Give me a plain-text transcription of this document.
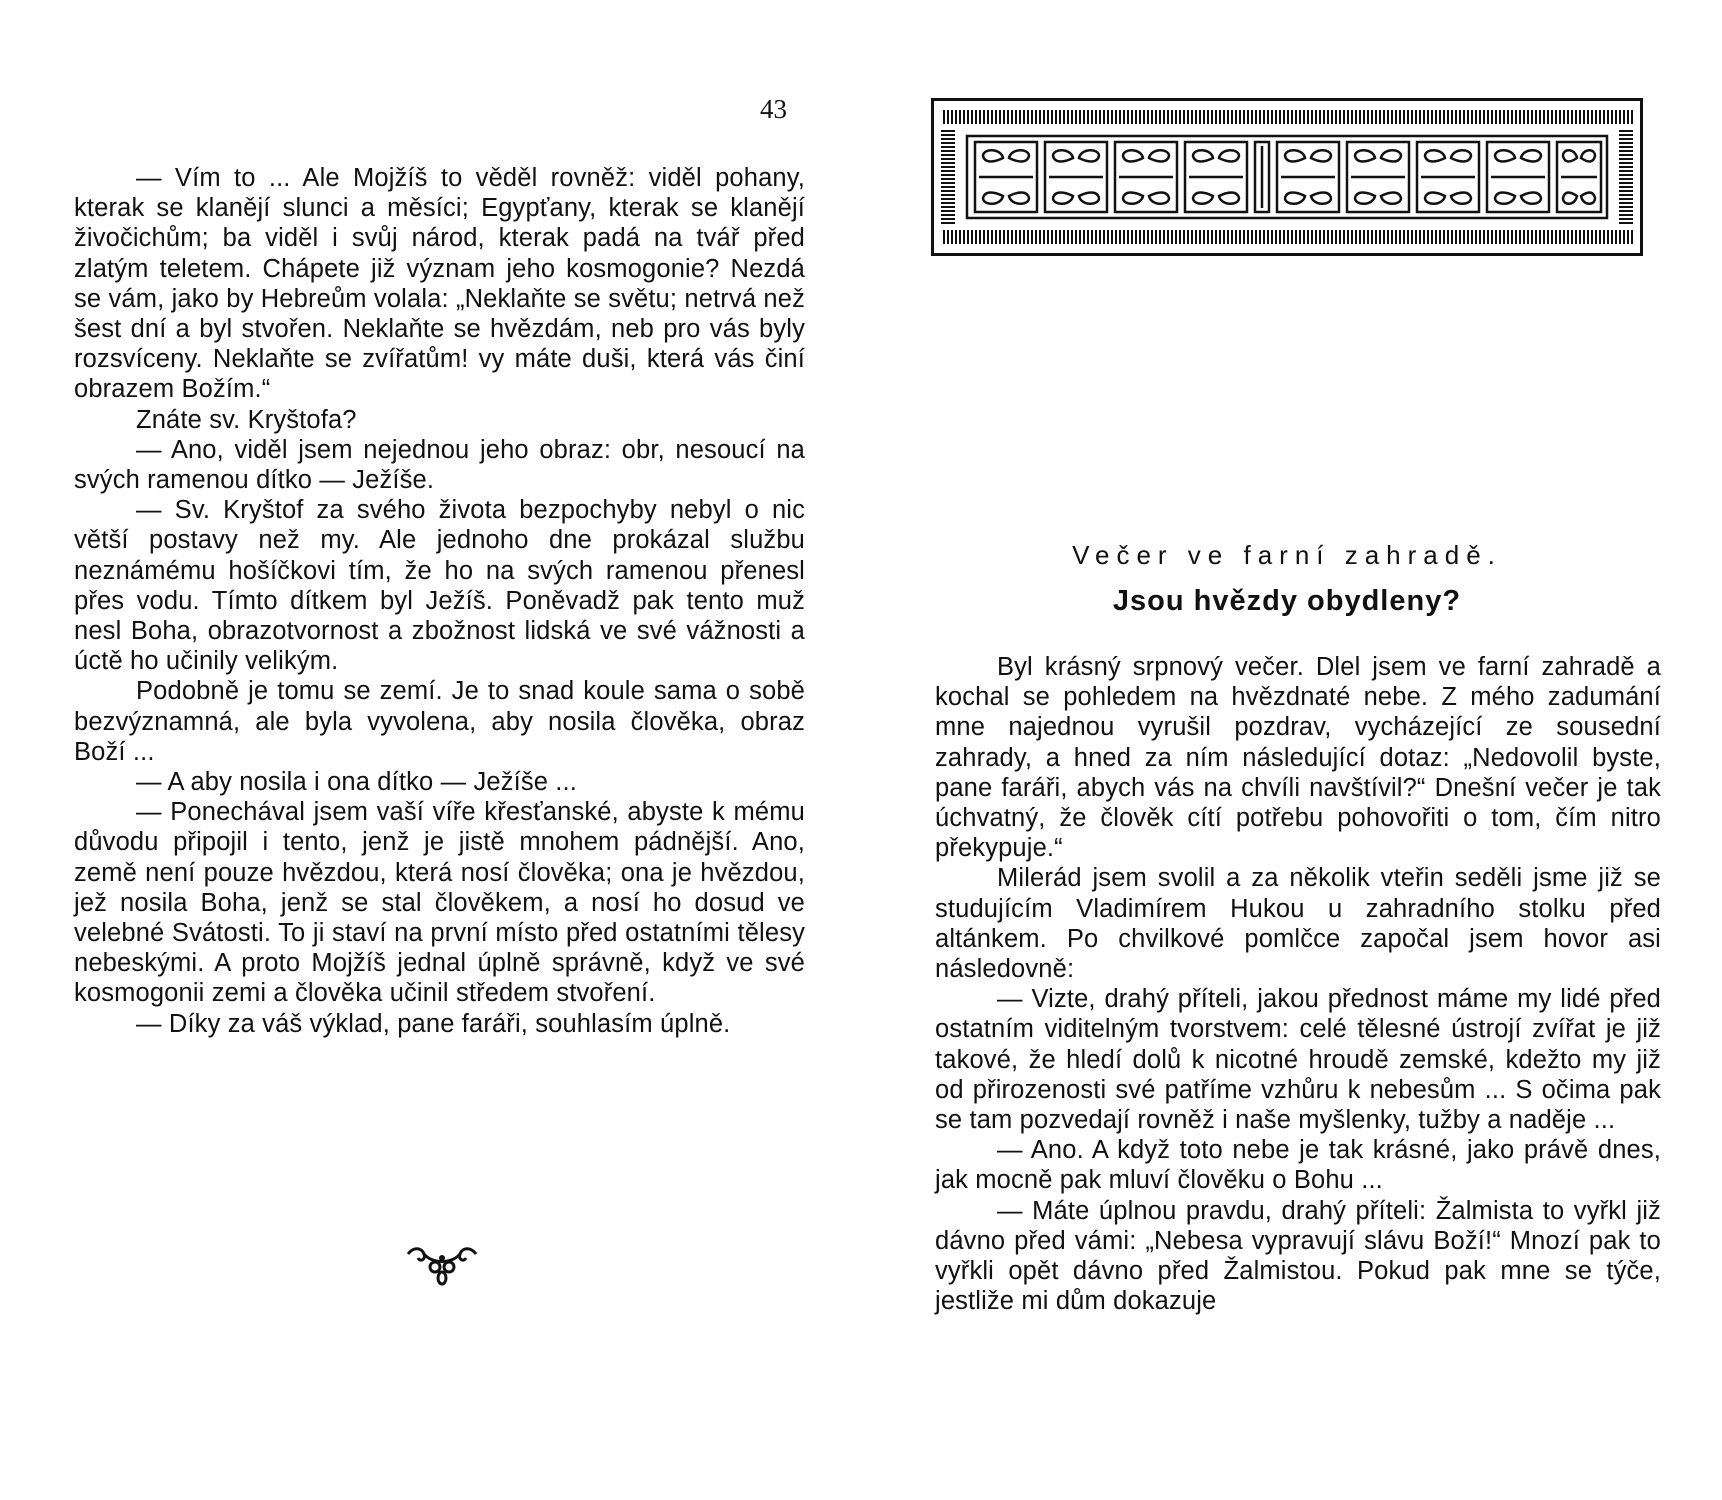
43

— Vím to ... Ale Mojžíš to věděl rovněž: viděl pohany, kterak se klanějí slunci a měsíci; Egypťany, kterak se klanějí živočichům; ba viděl i svůj národ, kterak padá na tvář před zlatým teletem. Chápete již význam jeho kosmogonie? Nezdá se vám, jako by Hebreům volala: „Neklaňte se světu; netrvá než šest dní a byl stvořen. Neklaňte se hvězdám, neb pro vás byly rozsvíceny. Neklaňte se zvířatům! vy máte duši, která vás činí obrazem Božím.“

Znáte sv. Kryštofa?

— Ano, viděl jsem nejednou jeho obraz: obr, nesoucí na svých ramenou dítko — Ježíše.

— Sv. Kryštof za svého života bezpochyby nebyl o nic větší postavy než my. Ale jednoho dne prokázal službu neznámému hošíčkovi tím, že ho na svých ramenou přenesl přes vodu. Tímto dítkem byl Ježíš. Poněvadž pak tento muž nesl Boha, obrazotvornost a zbožnost lidská ve své vážnosti a úctě ho učinily velikým.

Podobně je tomu se zemí. Je to snad koule sama o sobě bezvýznamná, ale byla vyvolena, aby nosila člověka, obraz Boží ...

— A aby nosila i ona dítko — Ježíše ...

— Ponechával jsem vaší víře křesťanské, abyste k mému důvodu připojil i tento, jenž je jistě mnohem pádnější. Ano, země není pouze hvězdou, která nosí člověka; ona je hvězdou, jež nosila Boha, jenž se stal člověkem, a nosí ho dosud ve velebné Svátosti. To ji staví na první místo před ostatními tělesy nebeskými. A proto Mojžíš jednal úplně správně, když ve své kosmogonii zemi a člověka učinil středem stvoření.

— Díky za váš výklad, pane faráři, souhlasím úplně.

Večer ve farní zahradě.
Jsou hvězdy obydleny?

Byl krásný srpnový večer. Dlel jsem ve farní zahradě a kochal se pohledem na hvězdnaté nebe. Z mého zadumání mne najednou vyrušil pozdrav, vycházející ze sousední zahrady, a hned za ním následující dotaz: „Nedovolil byste, pane faráři, abych vás na chvíli navštívil?“ Dnešní večer je tak úchvatný, že člověk cítí potřebu pohovořiti o tom, čím nitro překypuje.“

Milerád jsem svolil a za několik vteřin seděli jsme již se studujícím Vladimírem Hukou u zahradního stolku před altánkem. Po chvilkové pomlčce započal jsem hovor asi následovně:

— Vizte, drahý příteli, jakou přednost máme my lidé před ostatním viditelným tvorstvem: celé tělesné ústrojí zvířat je již takové, že hledí dolů k nicotné hroudě zemské, kdežto my již od přirozenosti své patříme vzhůru k nebesům ... S očima pak se tam pozvedají rovněž i naše myšlenky, tužby a naděje ...

— Ano. A když toto nebe je tak krásné, jako právě dnes, jak mocně pak mluví člověku o Bohu ...

— Máte úplnou pravdu, drahý příteli: Žalmista to vyřkl již dávno před vámi: „Nebesa vypravují slávu Boží!“ Mnozí pak to vyřkli opět dávno před Žalmistou. Pokud pak mne se týče, jestliže mi dům dokazuje
